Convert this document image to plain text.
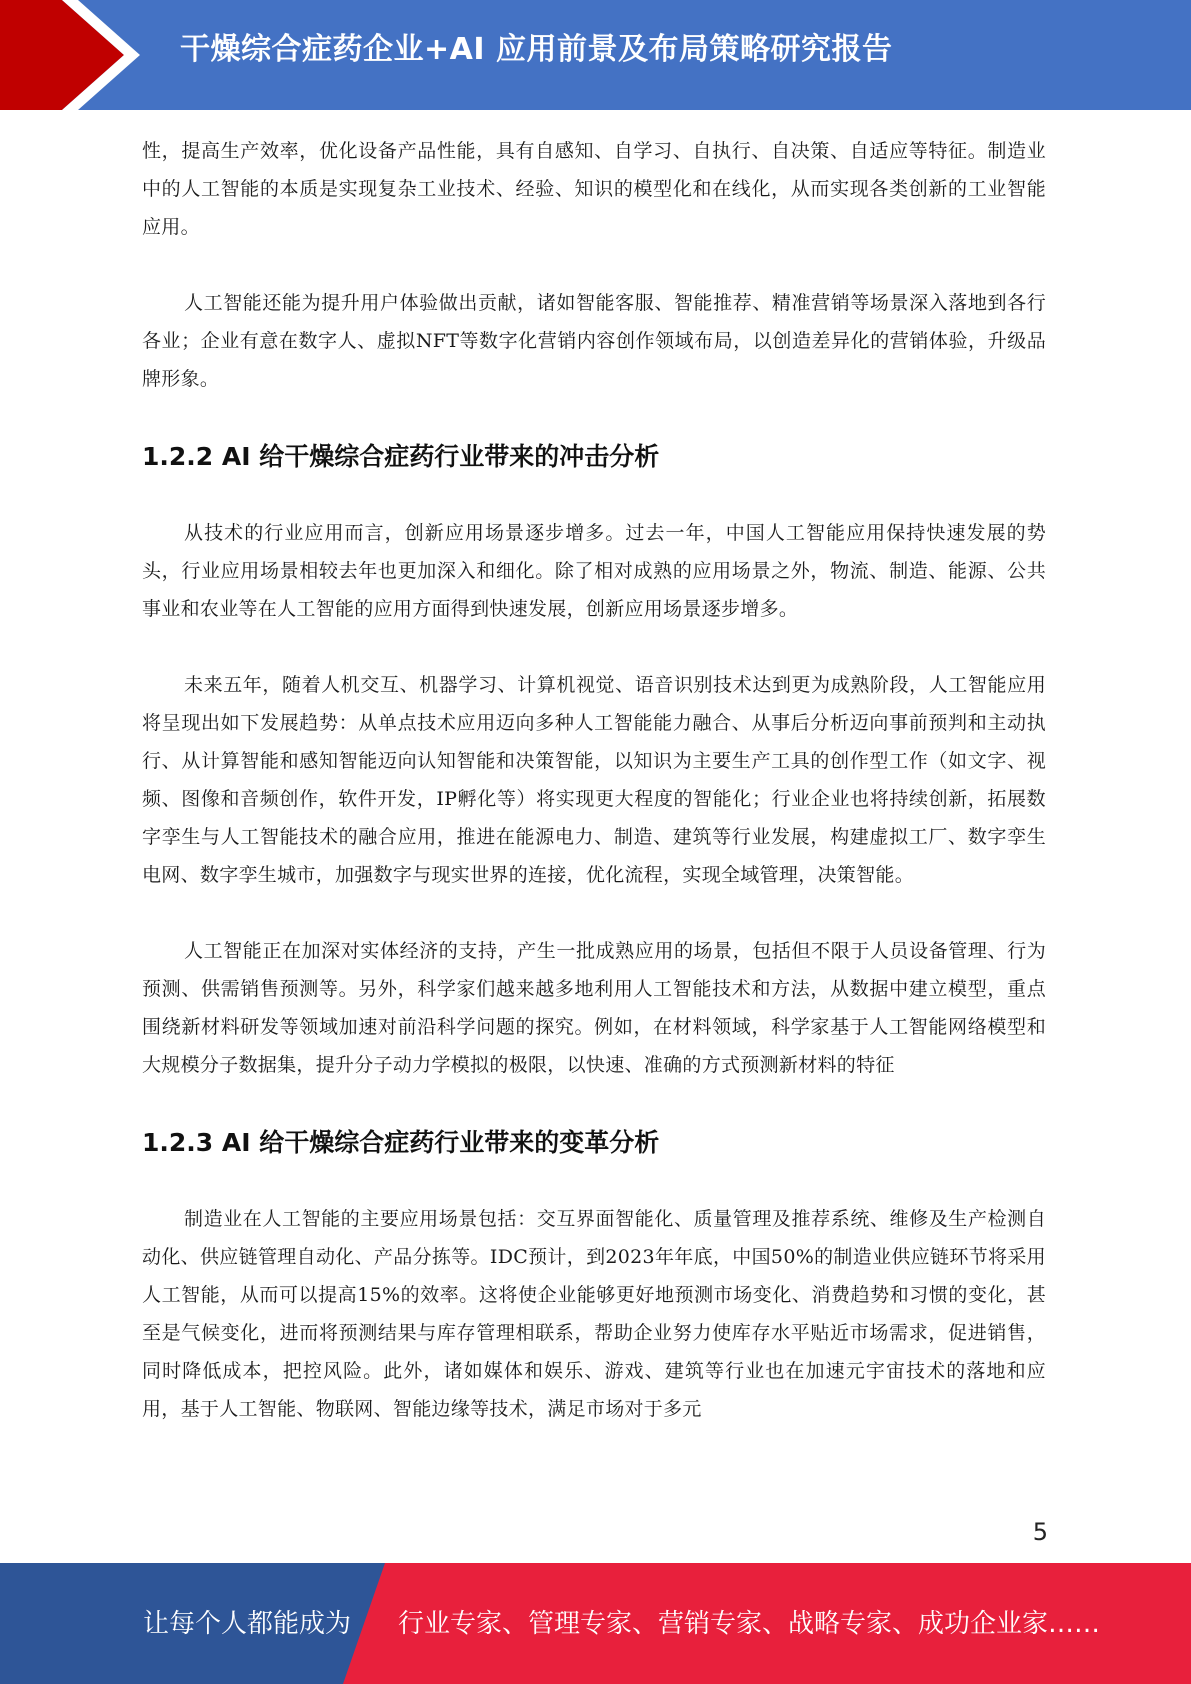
干燥综合症药企业+AI 应用前景及布局策略研究报告

性，提高生产效率，优化设备产品性能，具有自感知、自学习、自执行、自决策、自适应等特征。制造业中的人工智能的本质是实现复杂工业技术、经验、知识的模型化和在线化，从而实现各类创新的工业智能应用。

人工智能还能为提升用户体验做出贡献，诸如智能客服、智能推荐、精准营销等场景深入落地到各行各业；企业有意在数字人、虚拟NFT等数字化营销内容创作领域布局，以创造差异化的营销体验，升级品牌形象。

1.2.2 AI 给干燥综合症药行业带来的冲击分析

从技术的行业应用而言，创新应用场景逐步增多。过去一年，中国人工智能应用保持快速发展的势头，行业应用场景相较去年也更加深入和细化。除了相对成熟的应用场景之外，物流、制造、能源、公共事业和农业等在人工智能的应用方面得到快速发展，创新应用场景逐步增多。

未来五年，随着人机交互、机器学习、计算机视觉、语音识别技术达到更为成熟阶段，人工智能应用将呈现出如下发展趋势：从单点技术应用迈向多种人工智能能力融合、从事后分析迈向事前预判和主动执行、从计算智能和感知智能迈向认知智能和决策智能，以知识为主要生产工具的创作型工作（如文字、视频、图像和音频创作，软件开发，IP孵化等）将实现更大程度的智能化；行业企业也将持续创新，拓展数字孪生与人工智能技术的融合应用，推进在能源电力、制造、建筑等行业发展，构建虚拟工厂、数字孪生电网、数字孪生城市，加强数字与现实世界的连接，优化流程，实现全域管理，决策智能。

人工智能正在加深对实体经济的支持，产生一批成熟应用的场景，包括但不限于人员设备管理、行为预测、供需销售预测等。另外，科学家们越来越多地利用人工智能技术和方法，从数据中建立模型，重点围绕新材料研发等领域加速对前沿科学问题的探究。例如，在材料领域，科学家基于人工智能网络模型和大规模分子数据集，提升分子动力学模拟的极限，以快速、准确的方式预测新材料的特征

1.2.3 AI 给干燥综合症药行业带来的变革分析

制造业在人工智能的主要应用场景包括：交互界面智能化、质量管理及推荐系统、维修及生产检测自动化、供应链管理自动化、产品分拣等。IDC预计，到2023年年底，中国50%的制造业供应链环节将采用人工智能，从而可以提高15%的效率。这将使企业能够更好地预测市场变化、消费趋势和习惯的变化，甚至是气候变化，进而将预测结果与库存管理相联系，帮助企业努力使库存水平贴近市场需求，促进销售，同时降低成本，把控风险。此外，诸如媒体和娱乐、游戏、建筑等行业也在加速元宇宙技术的落地和应用，基于人工智能、物联网、智能边缘等技术，满足市场对于多元

5
让每个人都能成为 行业专家、管理专家、营销专家、战略专家、成功企业家……
